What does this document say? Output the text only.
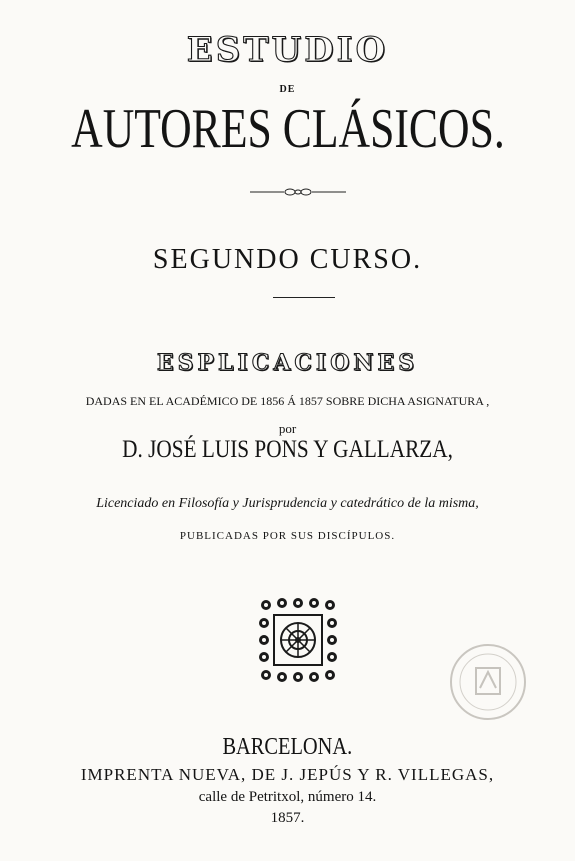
ESTUDIO
DE
AUTORES CLÁSICOS.
SEGUNDO CURSO.
ESPLICACIONES
DADAS EN EL ACADÉMICO DE 1856 Á 1857 SOBRE DICHA ASIGNATURA ,
por
D. JOSÉ LUIS PONS Y GALLARZA,
Licenciado en Filosofía y Jurisprudencia y catedrático de la misma,
PUBLICADAS POR SUS DISCÍPULOS.
BARCELONA.
IMPRENTA NUEVA, DE J. JEPÚS Y R. VILLEGAS,
calle de Petritxol, número 14.
1857.
